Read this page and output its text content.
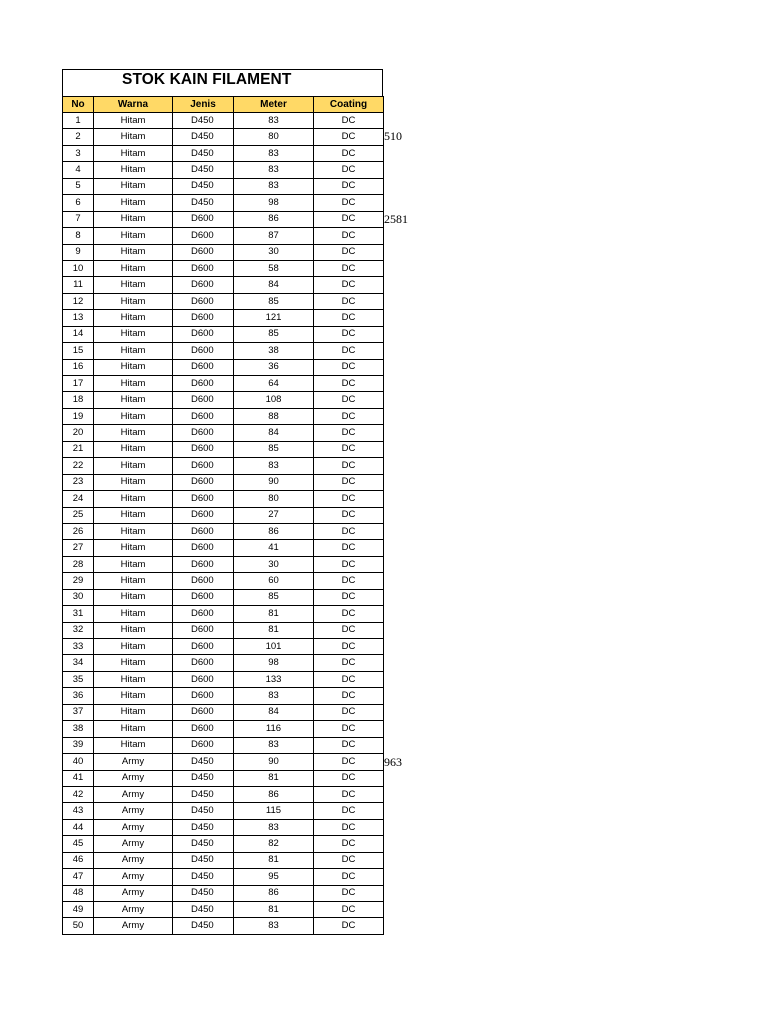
STOK KAIN FILAMENT
No	Warna	Jenis	Meter	Coating
1	Hitam	D450	83	DC
2	Hitam	D450	80	DC
3	Hitam	D450	83	DC
4	Hitam	D450	83	DC
5	Hitam	D450	83	DC
6	Hitam	D450	98	DC
7	Hitam	D600	86	DC
8	Hitam	D600	87	DC
9	Hitam	D600	30	DC
10	Hitam	D600	58	DC
11	Hitam	D600	84	DC
12	Hitam	D600	85	DC
13	Hitam	D600	121	DC
14	Hitam	D600	85	DC
15	Hitam	D600	38	DC
16	Hitam	D600	36	DC
17	Hitam	D600	64	DC
18	Hitam	D600	108	DC
19	Hitam	D600	88	DC
20	Hitam	D600	84	DC
21	Hitam	D600	85	DC
22	Hitam	D600	83	DC
23	Hitam	D600	90	DC
24	Hitam	D600	80	DC
25	Hitam	D600	27	DC
26	Hitam	D600	86	DC
27	Hitam	D600	41	DC
28	Hitam	D600	30	DC
29	Hitam	D600	60	DC
30	Hitam	D600	85	DC
31	Hitam	D600	81	DC
32	Hitam	D600	81	DC
33	Hitam	D600	101	DC
34	Hitam	D600	98	DC
35	Hitam	D600	133	DC
36	Hitam	D600	83	DC
37	Hitam	D600	84	DC
38	Hitam	D600	116	DC
39	Hitam	D600	83	DC
40	Army	D450	90	DC
41	Army	D450	81	DC
42	Army	D450	86	DC
43	Army	D450	115	DC
44	Army	D450	83	DC
45	Army	D450	82	DC
46	Army	D450	81	DC
47	Army	D450	95	DC
48	Army	D450	86	DC
49	Army	D450	81	DC
50	Army	D450	83	DC
510
2581
963
